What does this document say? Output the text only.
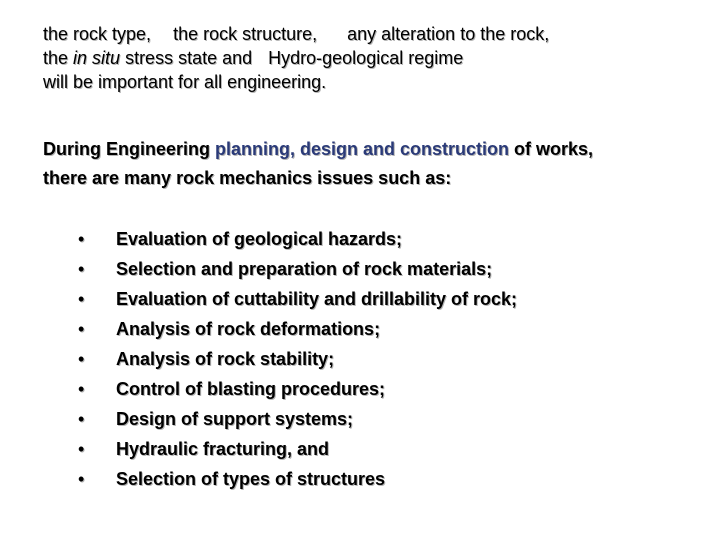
the rock type, the rock structure, any alteration to the rock,
the in situ stress state and Hydro-geological regime
will be important for all engineering.
During Engineering planning, design and construction of works,
there are many rock mechanics issues such as:
•	Evaluation of geological hazards;
•	Selection and preparation of rock materials;
•	Evaluation of cuttability and drillability of rock;
•	Analysis of rock deformations;
•	Analysis of rock stability;
•	Control of blasting procedures;
•	Design of support systems;
•	Hydraulic fracturing, and
•	Selection of types of structures
